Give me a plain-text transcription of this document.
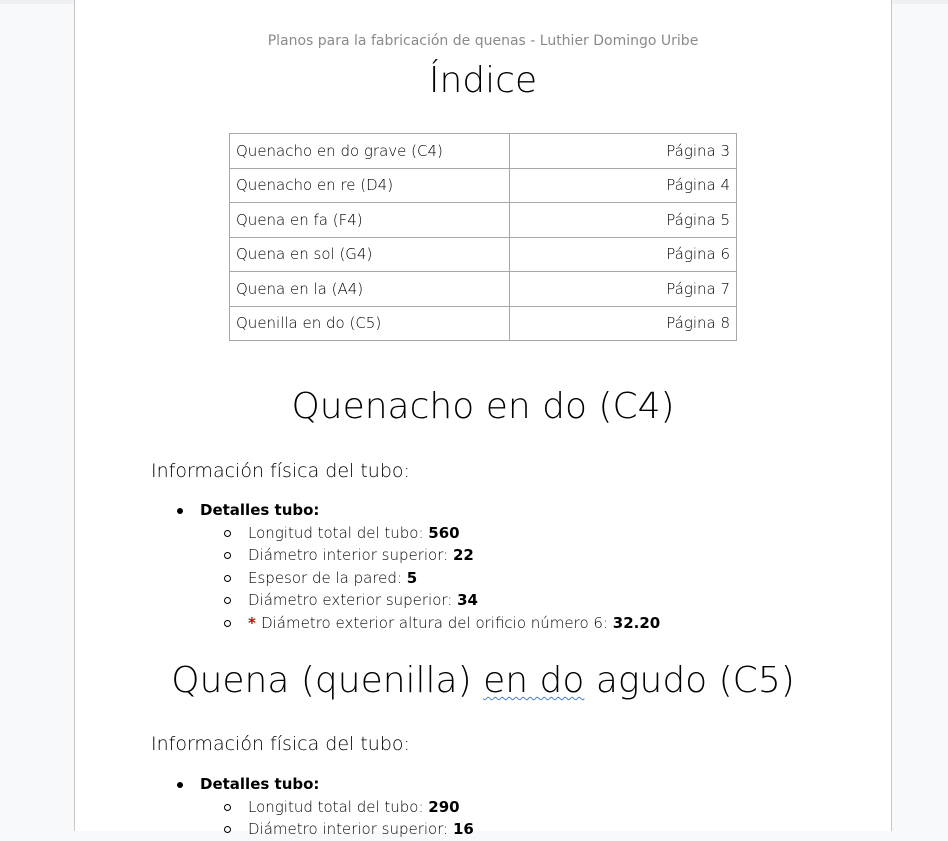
Planos para la fabricación de quenas - Luthier Domingo Uribe
Índice
Quenacho en do grave (C4)	Página 3
Quenacho en re (D4)	Página 4
Quena en fa (F4)	Página 5
Quena en sol (G4)	Página 6
Quena en la (A4)	Página 7
Quenilla en do (C5)	Página 8
Quenacho en do (C4)
Información física del tubo:
Detalles tubo:
Longitud total del tubo: 560
Diámetro interior superior: 22
Espesor de la pared: 5
Diámetro exterior superior: 34
* Diámetro exterior altura del orificio número 6: 32.20
Quena (quenilla) en do agudo (C5)
Información física del tubo:
Detalles tubo:
Longitud total del tubo: 290
Diámetro interior superior: 16
